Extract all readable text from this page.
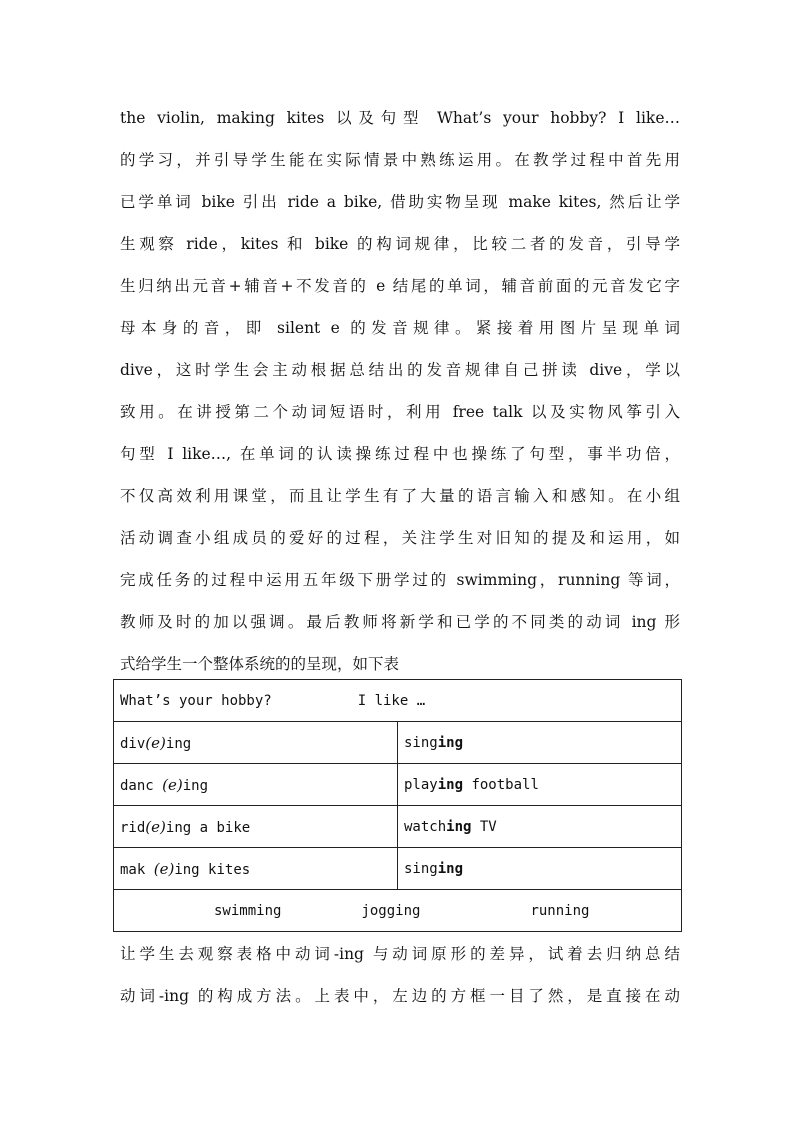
the violin, making kites 以及句型 What’s your hobby? I like…
的学习，并引导学生能在实际情景中熟练运用。在教学过程中首先用
已学单词 bike 引出 ride a bike, 借助实物呈现 make kites, 然后让学
生观察 ride，kites 和 bike 的构词规律，比较二者的发音，引导学
生归纳出元音+辅音+不发音的 e 结尾的单词，辅音前面的元音发它字
母本身的音，即 silent e 的发音规律。紧接着用图片呈现单词
dive，这时学生会主动根据总结出的发音规律自己拼读 dive，学以
致用。在讲授第二个动词短语时，利用 free talk 以及实物风筝引入
句型 I like…, 在单词的认读操练过程中也操练了句型，事半功倍，
不仅高效利用课堂，而且让学生有了大量的语言输入和感知。在小组
活动调查小组成员的爱好的过程，关注学生对旧知的提及和运用，如
完成任务的过程中运用五年级下册学过的 swimming，running 等词，
教师及时的加以强调。最后教师将新学和已学的不同类的动词 ing 形
式给学生一个整体系统的的呈现，如下表
What’s your hobby? I like …	
div(e)ing	singing
danc (e)ing	playing football
rid(e)ing a bike	watching TV
mak (e)ing kites	singing
swimming jogging running	
让学生去观察表格中动词-ing 与动词原形的差异，试着去归纳总结
动词-ing 的构成方法。上表中，左边的方框一目了然，是直接在动
